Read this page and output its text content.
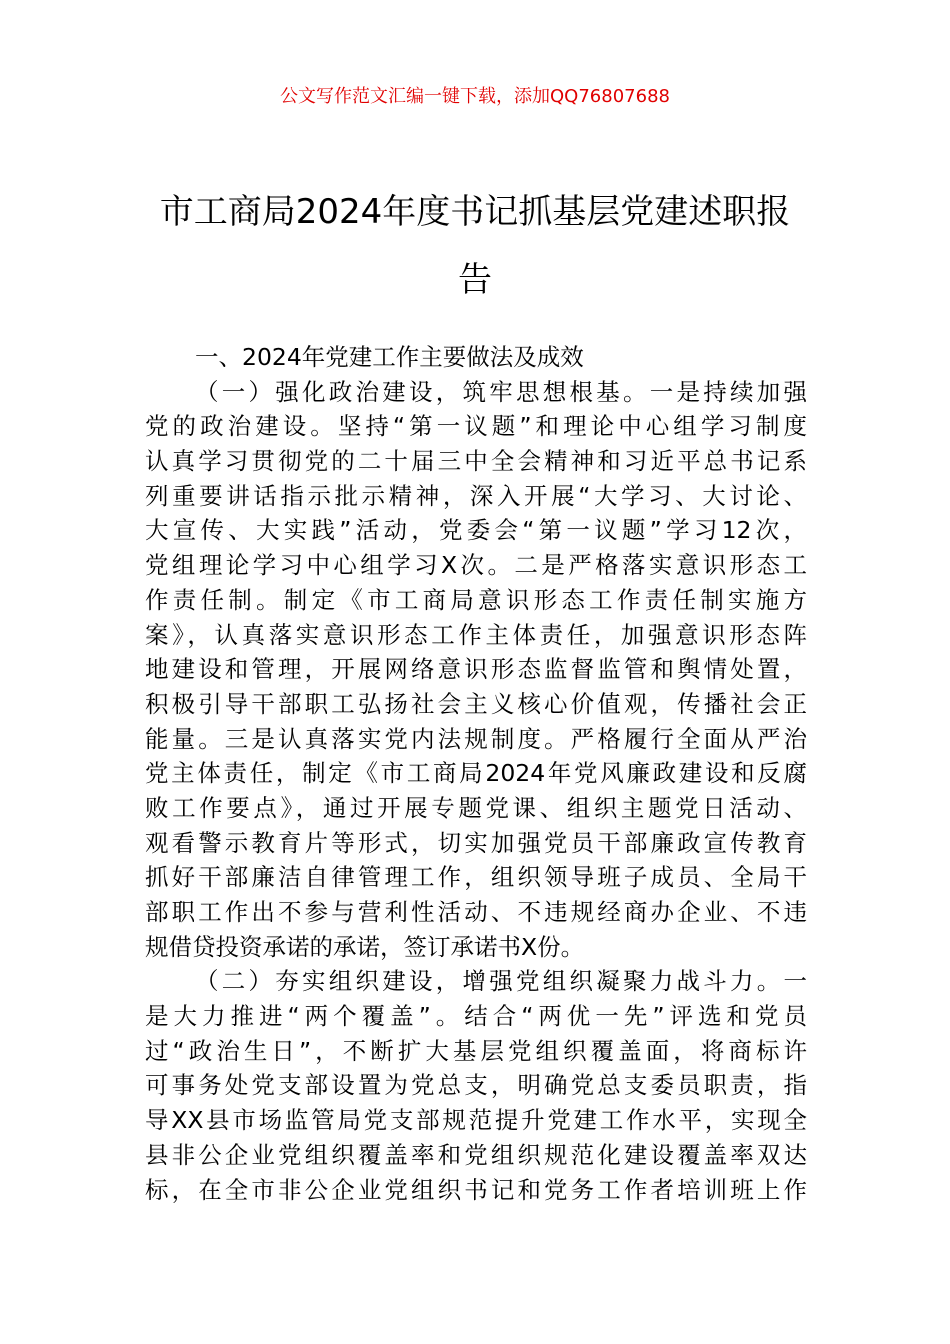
公文写作范文汇编一键下载，添加QQ76807688
市工商局2024年度书记抓基层党建述职报
告
一、2024年党建工作主要做法及成效
（一）强化政治建设，筑牢思想根基。一是持续加强
党的政治建设。坚持“第一议题”和理论中心组学习制度
认真学习贯彻党的二十届三中全会精神和习近平总书记系
列重要讲话指示批示精神，深入开展“大学习、大讨论、
大宣传、大实践”活动，党委会“第一议题”学习12次，
党组理论学习中心组学习X次。二是严格落实意识形态工
作责任制。制定《市工商局意识形态工作责任制实施方
案》，认真落实意识形态工作主体责任，加强意识形态阵
地建设和管理，开展网络意识形态监督监管和舆情处置，
积极引导干部职工弘扬社会主义核心价值观，传播社会正
能量。三是认真落实党内法规制度。严格履行全面从严治
党主体责任，制定《市工商局2024年党风廉政建设和反腐
败工作要点》，通过开展专题党课、组织主题党日活动、
观看警示教育片等形式，切实加强党员干部廉政宣传教育
抓好干部廉洁自律管理工作，组织领导班子成员、全局干
部职工作出不参与营利性活动、不违规经商办企业、不违
规借贷投资承诺的承诺，签订承诺书X份。
（二）夯实组织建设，增强党组织凝聚力战斗力。一
是大力推进“两个覆盖”。结合“两优一先”评选和党员
过“政治生日”，不断扩大基层党组织覆盖面，将商标许
可事务处党支部设置为党总支，明确党总支委员职责，指
导XX县市场监管局党支部规范提升党建工作水平，实现全
县非公企业党组织覆盖率和党组织规范化建设覆盖率双达
标，在全市非公企业党组织书记和党务工作者培训班上作
